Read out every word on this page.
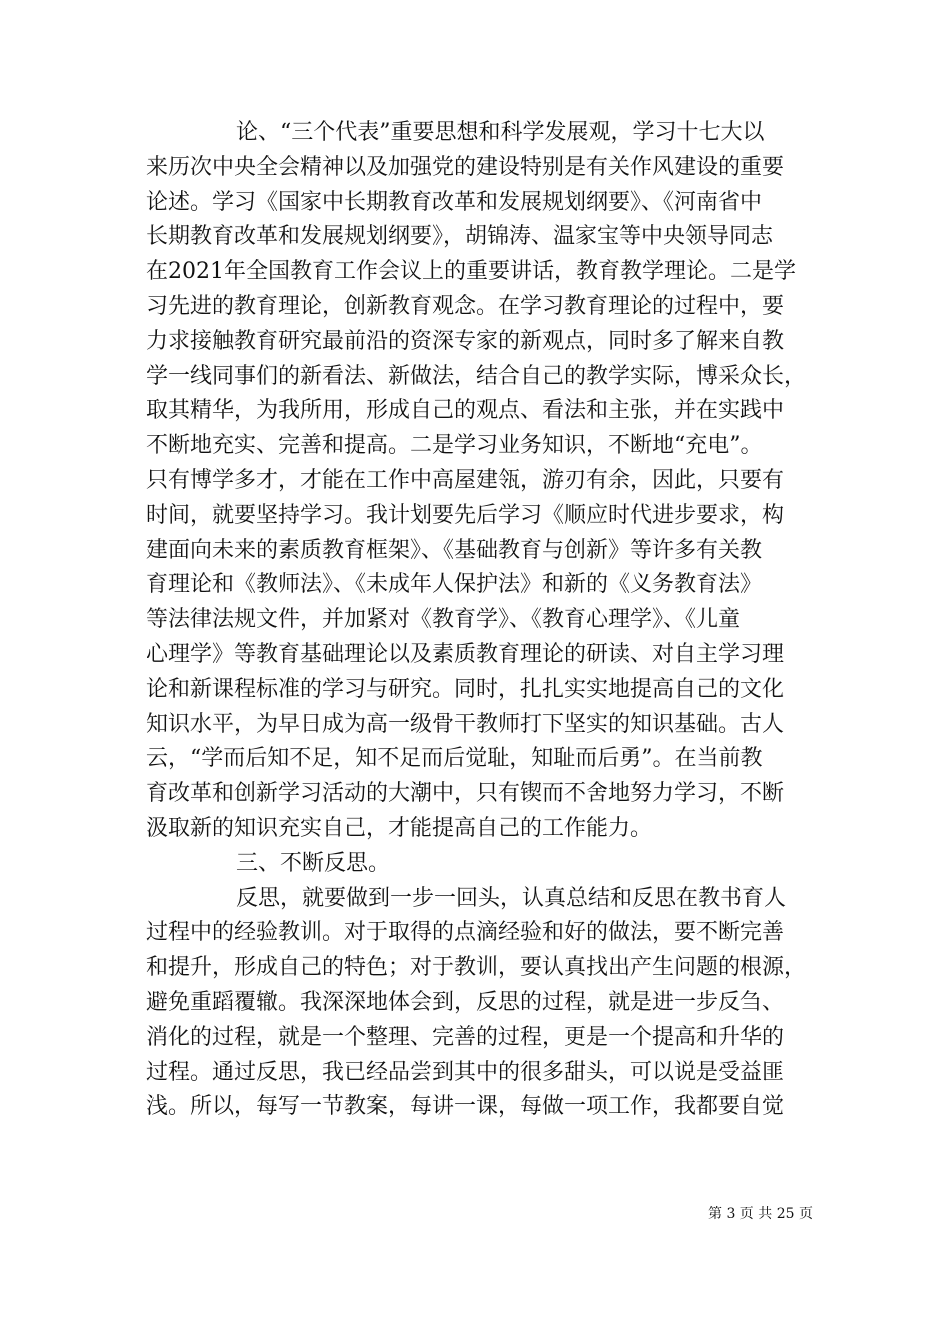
论、“三个代表”重要思想和科学发展观，学习十七大以
来历次中央全会精神以及加强党的建设特别是有关作风建设的重要
论述。学习《国家中长期教育改革和发展规划纲要》、《河南省中
长期教育改革和发展规划纲要》，胡锦涛、温家宝等中央领导同志
在2021年全国教育工作会议上的重要讲话，教育教学理论。二是学
习先进的教育理论，创新教育观念。在学习教育理论的过程中，要
力求接触教育研究最前沿的资深专家的新观点，同时多了解来自教
学一线同事们的新看法、新做法，结合自己的教学实际，博采众长，
取其精华，为我所用，形成自己的观点、看法和主张，并在实践中
不断地充实、完善和提高。二是学习业务知识，不断地“充电”。
只有博学多才，才能在工作中高屋建瓴，游刃有余，因此，只要有
时间，就要坚持学习。我计划要先后学习《顺应时代进步要求，构
建面向未来的素质教育框架》、《基础教育与创新》等许多有关教
育理论和《教师法》、《未成年人保护法》和新的《义务教育法》
等法律法规文件，并加紧对《教育学》、《教育心理学》、《儿童
心理学》等教育基础理论以及素质教育理论的研读、对自主学习理
论和新课程标准的学习与研究。同时，扎扎实实地提高自己的文化
知识水平，为早日成为高一级骨干教师打下坚实的知识基础。古人
云，“学而后知不足，知不足而后觉耻，知耻而后勇”。在当前教
育改革和创新学习活动的大潮中，只有锲而不舍地努力学习，不断
汲取新的知识充实自己，才能提高自己的工作能力。
三、不断反思。
反思，就要做到一步一回头，认真总结和反思在教书育人
过程中的经验教训。对于取得的点滴经验和好的做法，要不断完善
和提升，形成自己的特色；对于教训，要认真找出产生问题的根源，
避免重蹈覆辙。我深深地体会到，反思的过程，就是进一步反刍、
消化的过程，就是一个整理、完善的过程，更是一个提高和升华的
过程。通过反思，我已经品尝到其中的很多甜头，可以说是受益匪
浅。所以，每写一节教案，每讲一课，每做一项工作，我都要自觉
第 3 页 共 25 页
